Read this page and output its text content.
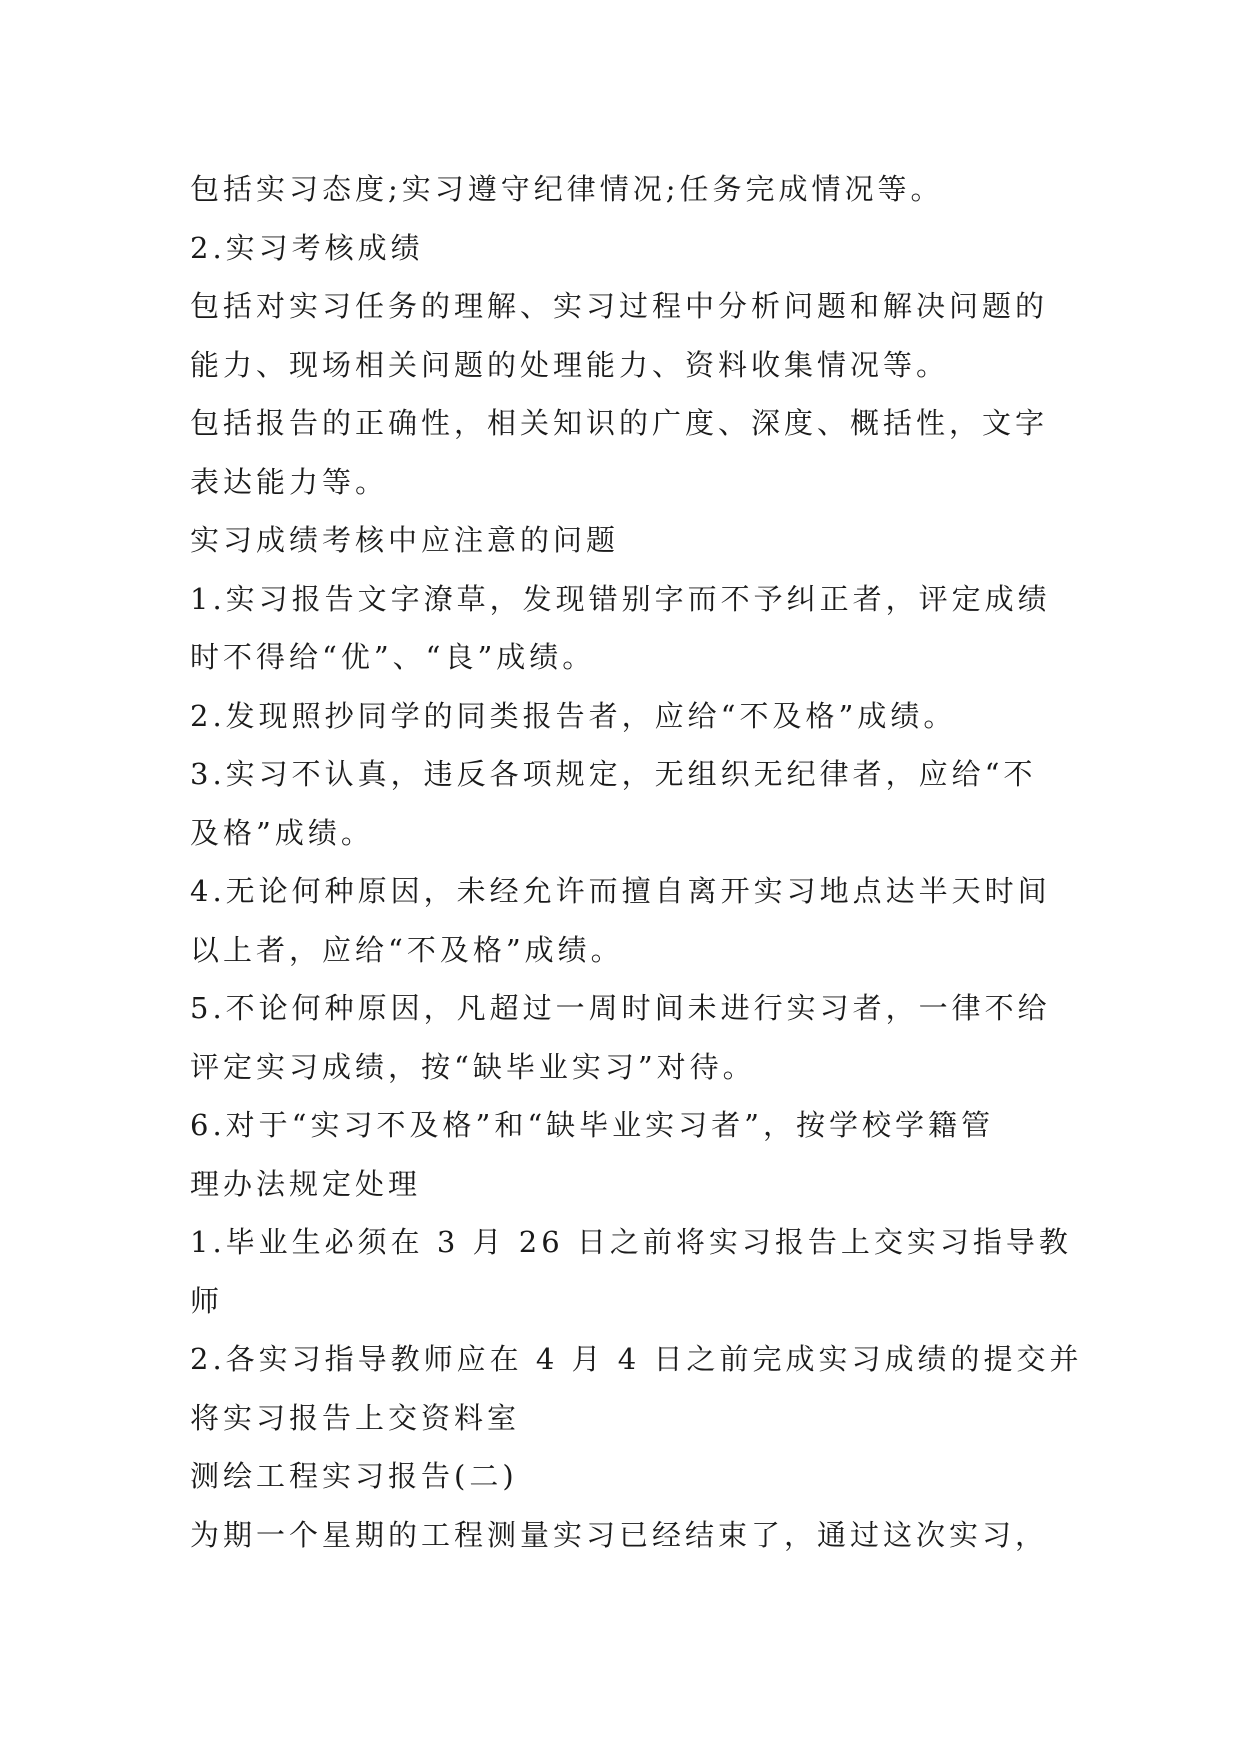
包括实习态度;实习遵守纪律情况;任务完成情况等。
2.实习考核成绩
包括对实习任务的理解、实习过程中分析问题和解决问题的
能力、现场相关问题的处理能力、资料收集情况等。
包括报告的正确性，相关知识的广度、深度、概括性，文字
表达能力等。
实习成绩考核中应注意的问题
1.实习报告文字潦草，发现错别字而不予纠正者，评定成绩
时不得给“优”、“良”成绩。
2.发现照抄同学的同类报告者，应给“不及格”成绩。
3.实习不认真，违反各项规定，无组织无纪律者，应给“不
及格”成绩。
4.无论何种原因，未经允许而擅自离开实习地点达半天时间
以上者，应给“不及格”成绩。
5.不论何种原因，凡超过一周时间未进行实习者，一律不给
评定实习成绩，按“缺毕业实习”对待。
6.对于“实习不及格”和“缺毕业实习者”，按学校学籍管
理办法规定处理
1.毕业生必须在 3 月 26 日之前将实习报告上交实习指导教
师
2.各实习指导教师应在 4 月 4 日之前完成实习成绩的提交并
将实习报告上交资料室
测绘工程实习报告(二)
为期一个星期的工程测量实习已经结束了，通过这次实习，
